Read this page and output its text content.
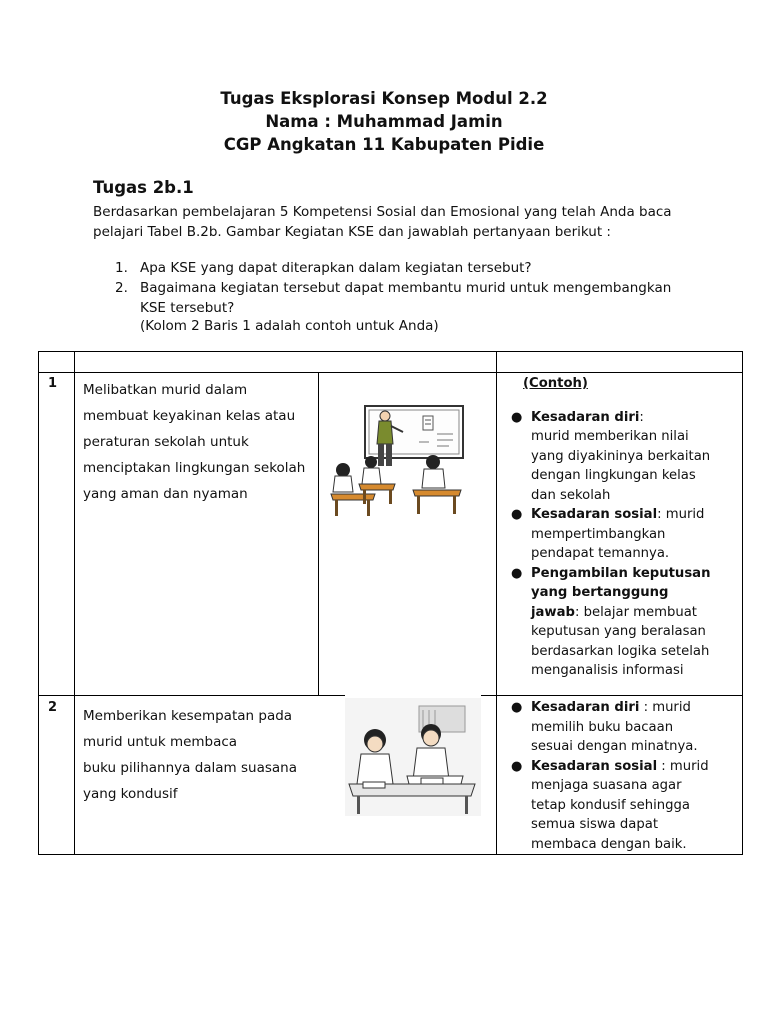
Tugas Eksplorasi Konsep Modul 2.2
Nama : Muhammad Jamin
CGP Angkatan 11 Kabupaten Pidie
Tugas 2b.1
Berdasarkan pembelajaran 5 Kompetensi Sosial dan Emosional yang telah Anda baca pelajari Tabel B.2b. Gambar Kegiatan KSE dan jawablah pertanyaan berikut :
1. Apa KSE yang dapat diterapkan dalam kegiatan tersebut?
2. Bagaimana kegiatan tersebut dapat membantu murid untuk mengembangkan KSE tersebut?
(Kolom 2 Baris 1 adalah contoh untuk Anda)
1 Melibatkan murid dalam
membuat keyakinan kelas atau
peraturan sekolah untuk
menciptakan lingkungan sekolah
yang aman dan nyaman
(Contoh)
● Kesadaran diri:
murid memberikan nilai
yang diyakininya berkaitan
dengan lingkungan kelas
dan sekolah
● Kesadaran sosial: murid
mempertimbangkan
pendapat temannya.
● Pengambilan keputusan
yang bertanggung
jawab: belajar membuat
keputusan yang beralasan
berdasarkan logika setelah
menganalisis informasi
2
Memberikan kesempatan pada
murid untuk membaca
buku pilihannya dalam suasana
yang kondusif
● Kesadaran diri : murid
memilih buku bacaan
sesuai dengan minatnya.
● Kesadaran sosial : murid
menjaga suasana agar
tetap kondusif sehingga
semua siswa dapat
membaca dengan baik.
